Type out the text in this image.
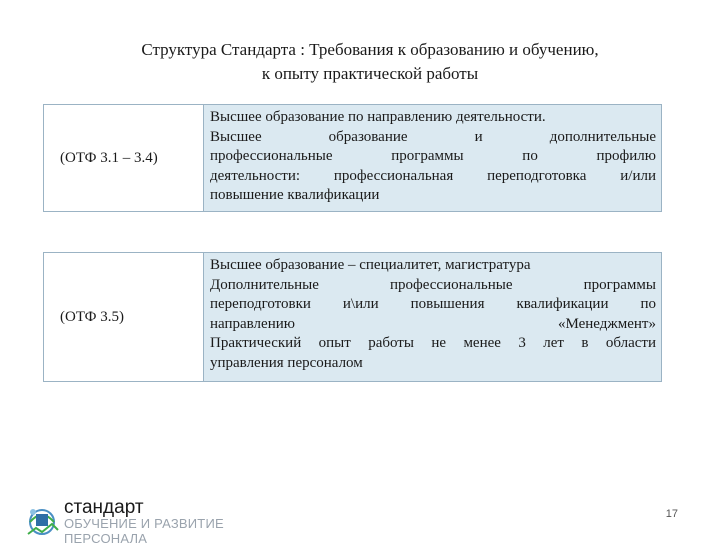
Структура Стандарта : Требования к образованию и обучению,
к опыту практической работы
(ОТФ 3.1 – 3.4)
Высшее образование по направлению деятельности.
Высшее образование и дополнительные
профессиональные программы по профилю
деятельности: профессиональная переподготовка и/или
повышение квалификации
(ОТФ 3.5)
Высшее образование – специалитет, магистратура
Дополнительные профессиональные программы
переподготовки и\или повышения квалификации по
направлению «Менеджмент»
Практический опыт работы не менее 3 лет в области
управления персоналом
стандарт
ОБУЧЕНИЕ И РАЗВИТИЕ
ПЕРСОНАЛА
17
